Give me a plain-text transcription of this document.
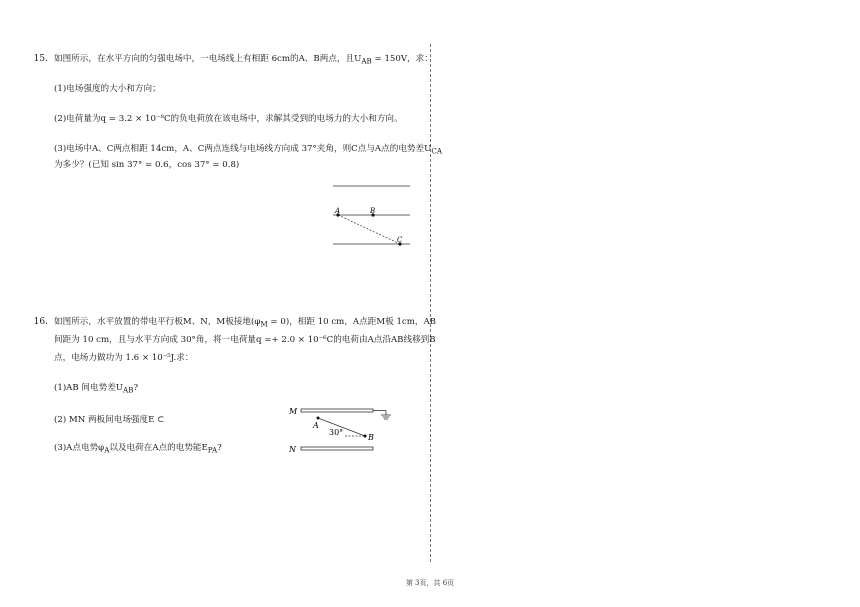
15. 如图所示，在水平方向的匀强电场中，一电场线上有相距 6cm的A、B两点，且$U_{AB} = 150V$，求：
(1)电场强度的大小和方向；
(2)电荷量为q = 3.2 × 10⁻⁸C的负电荷放在该电场中，求解其受到的电场力的大小和方向。
(3)电场中A、C两点相距 14cm，A、C两点连线与电场线方向成 37°夹角，则C点与A点的电势差$U_{CA}$
为多少？(已知 sin 37° = 0.6，cos 37° = 0.8)
A	B
C
16. 如图所示，水平放置的带电平行板M、N，M板接地$(\varphi_M = 0)$，相距 10 cm，A点距M板 1cm，AB
间距为 10 cm，且与水平方向成 30°角，将一电荷量q =+ 2.0 × 10⁻⁶C的电荷由A点沿AB线移到B
点，电场力做功为 1.6 × 10⁻⁵J.求：
(1)AB 间电势差$U_{AB}$?
(2) MN 两板间电场强度E ⊂
(3)A点电势$\varphi_A$以及电荷在A点的电势能$E_{PA}$?
M
A
30°
B
N
第 3页，共 6页
